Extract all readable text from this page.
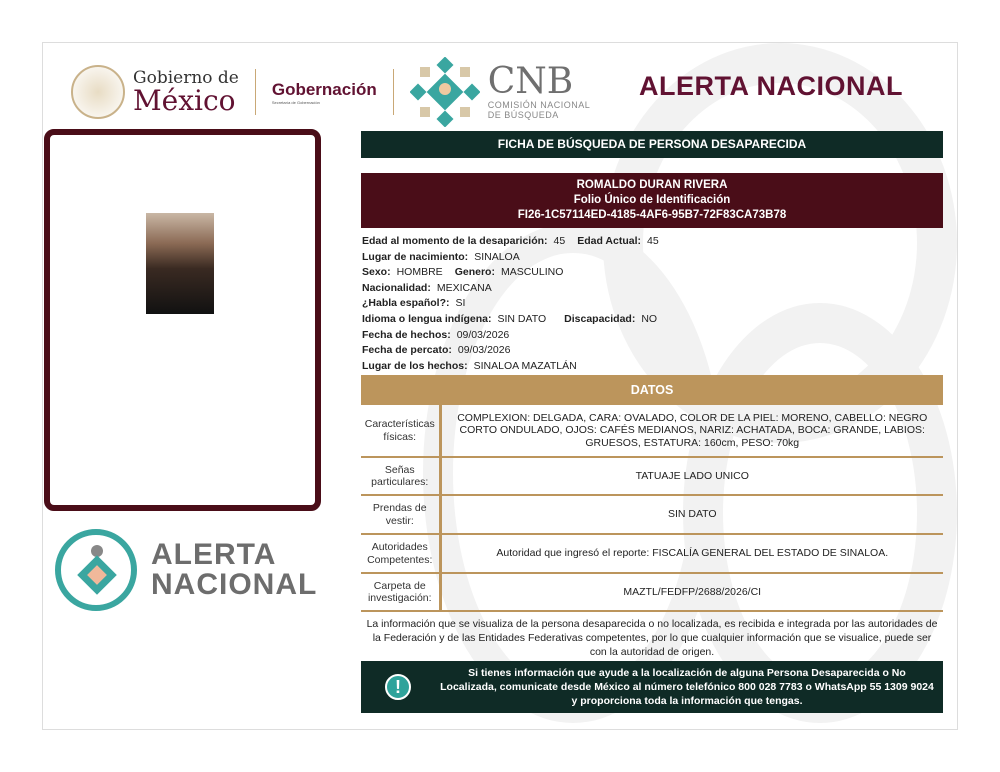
Gobierno de
México Gobernación
Secretaría de Gobernación	CNB
COMISIÓN NACIONAL
DE BÚSQUEDA
ALERTA NACIONAL
ALERTA
NACIONAL
FICHA DE BÚSQUEDA DE PERSONA DESAPARECIDA
ROMALDO DURAN RIVERA
Folio Único de Identificación
FI26-1C57114ED-4185-4AF6-95B7-72F83CA73B78
Edad al momento de la desaparición: 45 Edad Actual: 45
Lugar de nacimiento: SINALOA
Sexo: HOMBRE Genero: MASCULINO
Nacionalidad: MEXICANA
¿Habla español?: SI
Idioma o lengua indígena: SIN DATO Discapacidad: NO
Fecha de hechos: 09/03/2026
Fecha de percato: 09/03/2026
Lugar de los hechos: SINALOA MAZATLÁN
DATOS
Características físicas:	COMPLEXION: DELGADA, CARA: OVALADO, COLOR DE LA PIEL: MORENO, CABELLO: NEGRO CORTO ONDULADO, OJOS: CAFÉS MEDIANOS, NARIZ: ACHATADA, BOCA: GRANDE, LABIOS: GRUESOS, ESTATURA: 160cm, PESO: 70kg
Señas particulares:	TATUAJE LADO UNICO
Prendas de vestir:	SIN DATO
Autoridades Competentes:	Autoridad que ingresó el reporte: FISCALÍA GENERAL DEL ESTADO DE SINALOA.
Carpeta de investigación:	MAZTL/FEDFP/2688/2026/CI
La información que se visualiza de la persona desaparecida o no localizada, es recibida e integrada por las autoridades de la Federación y de las Entidades Federativas competentes, por lo que cualquier información que se visualice, puede ser con la autoridad de origen.
!
Si tienes información que ayude a la localización de alguna Persona Desaparecida o No Localizada, comunicate desde México al número telefónico 800 028 7783 o WhatsApp 55 1309 9024 y proporciona toda la información que tengas.
